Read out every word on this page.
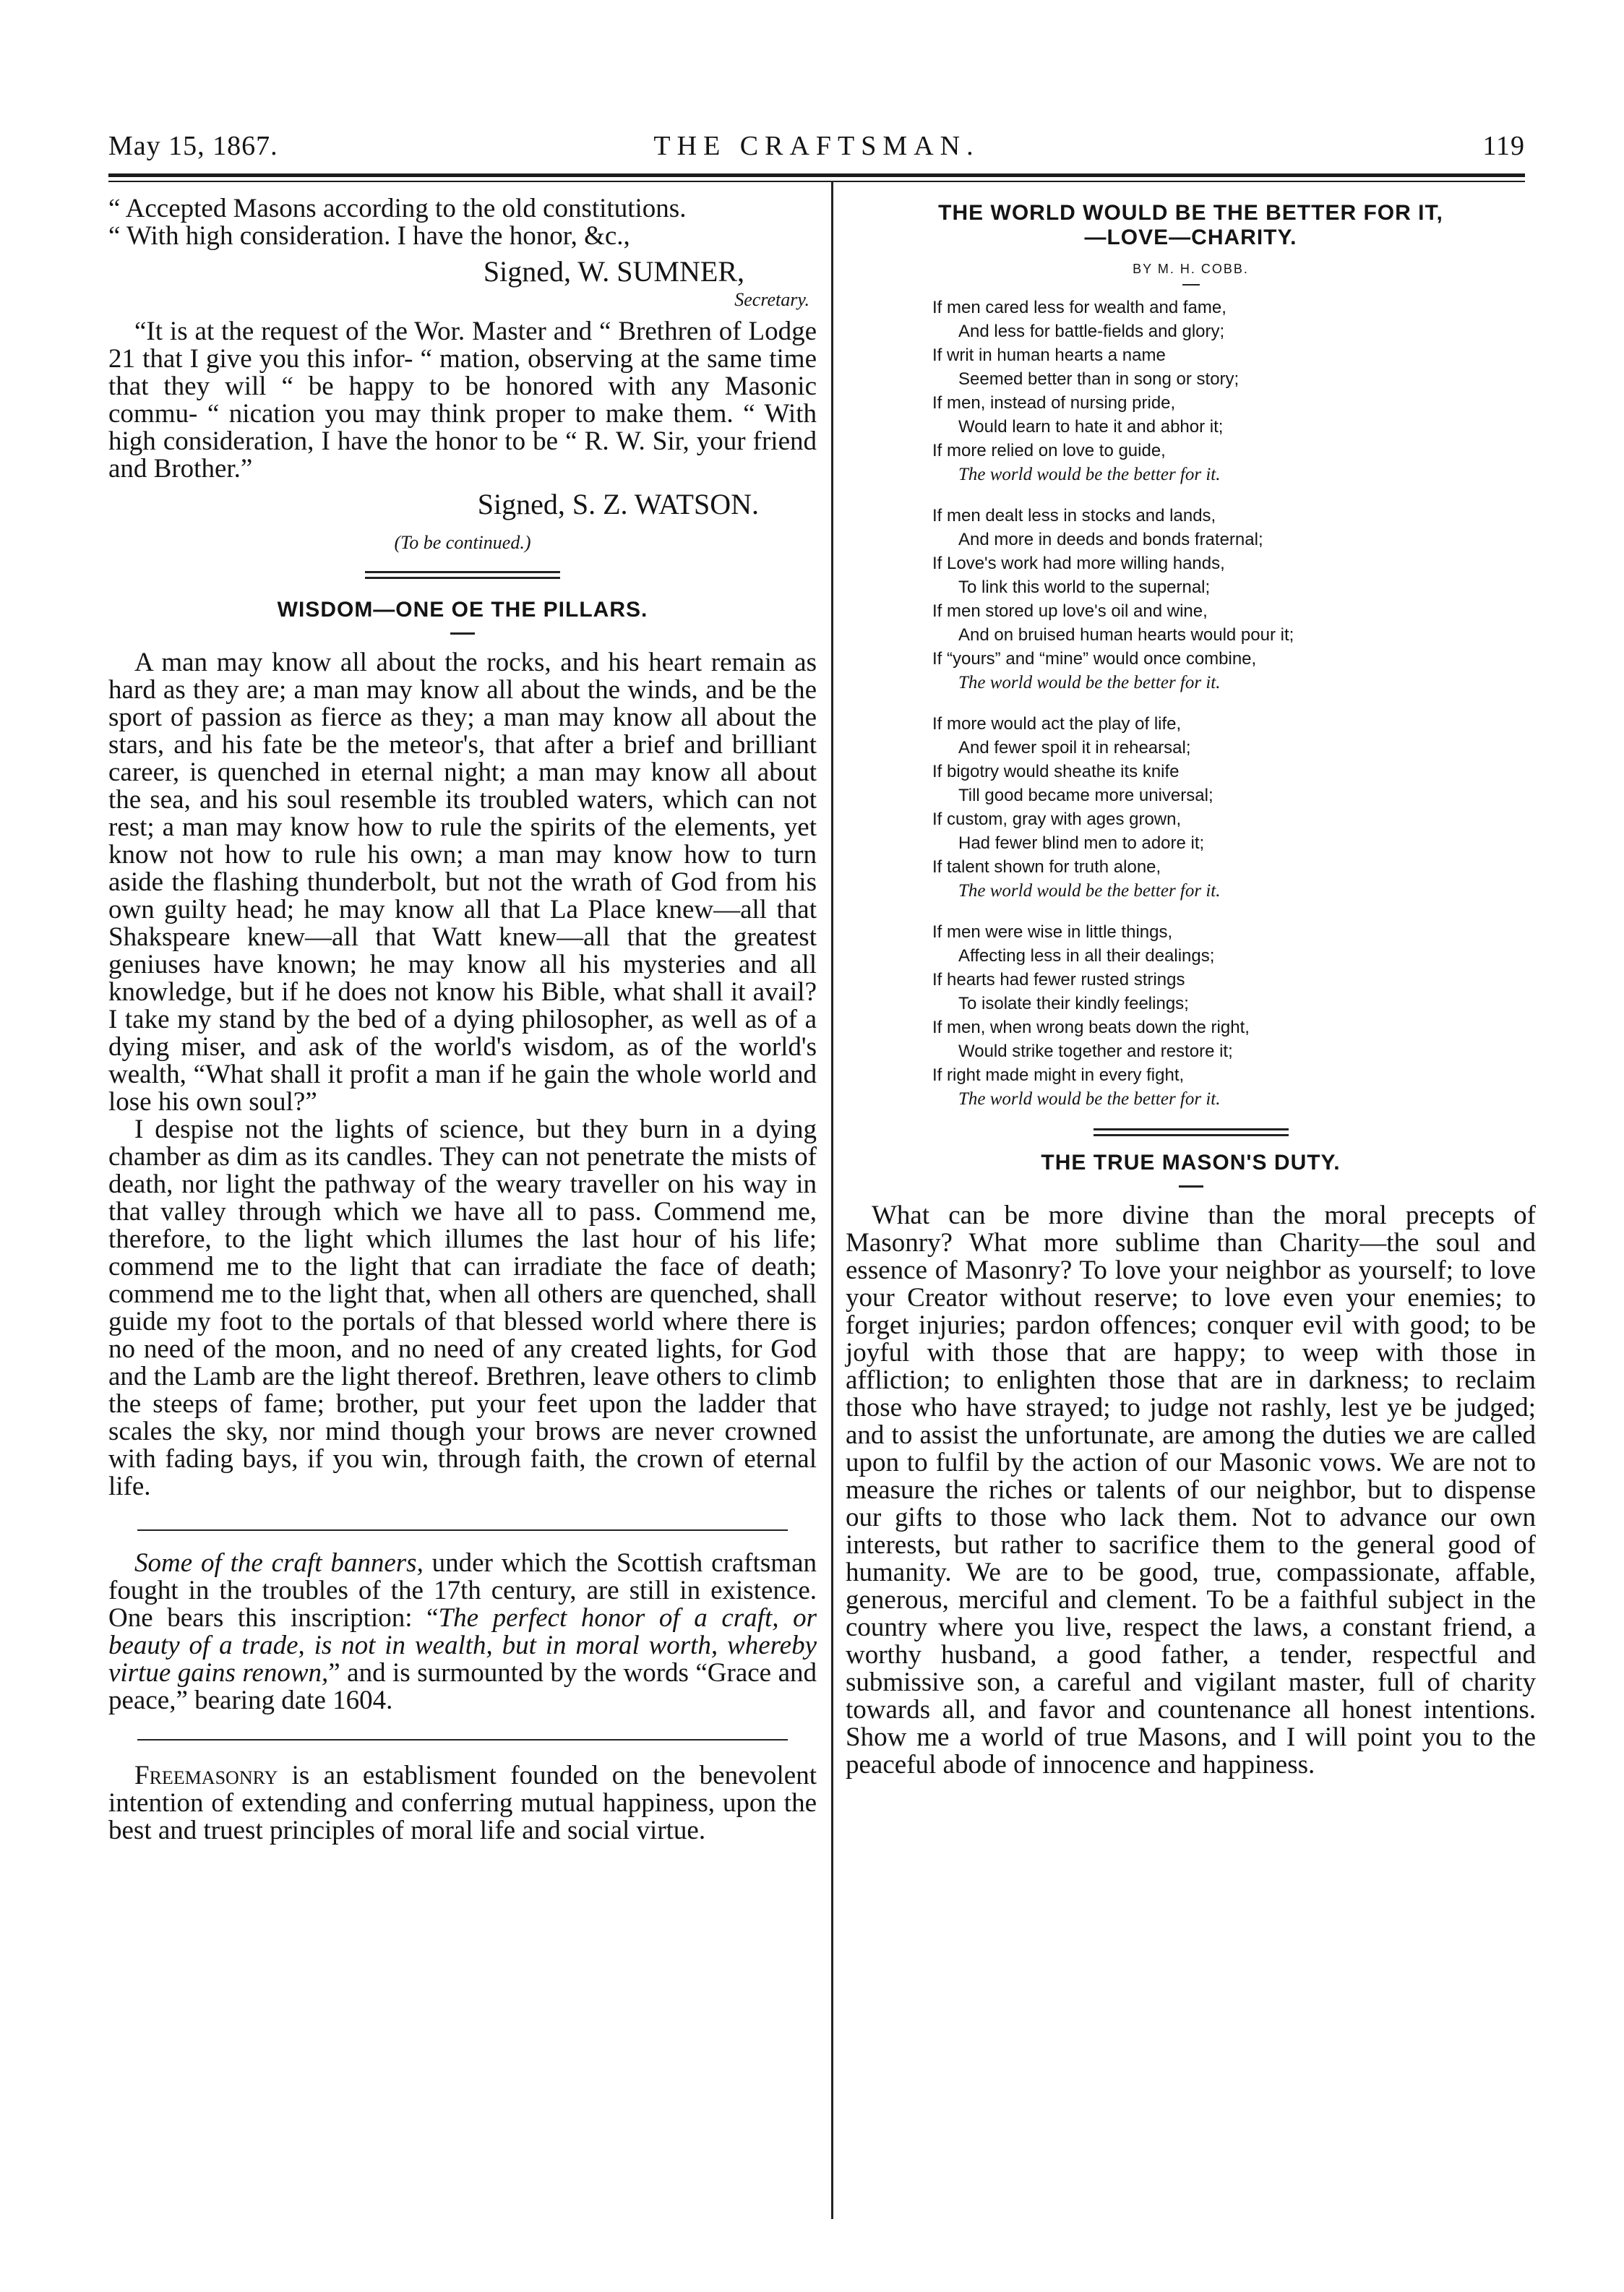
May 15, 1867.	THE CRAFTSMAN.	119

“ Accepted Masons according to the old constitutions.

“ With high consideration. I have the honor, &c.,

Signed, W. SUMNER,

Secretary.

“It is at the request of the Wor. Master and “ Brethren of Lodge 21 that I give you this infor- “ mation, observing at the same time that they will “ be happy to be honored with any Masonic commu- “ nication you may think proper to make them. “ With high consideration, I have the honor to be “ R. W. Sir, your friend and Brother.”

Signed, S. Z. WATSON.

(To be continued.)

WISDOM—ONE OE THE PILLARS.

A man may know all about the rocks, and his heart remain as hard as they are; a man may know all about the winds, and be the sport of passion as fierce as they; a man may know all about the stars, and his fate be the meteor's, that after a brief and brilliant career, is quenched in eternal night; a man may know all about the sea, and his soul resemble its troubled waters, which can not rest; a man may know how to rule the spirits of the elements, yet know not how to rule his own; a man may know how to turn aside the flashing thunderbolt, but not the wrath of God from his own guilty head; he may know all that La Place knew—all that Shakspeare knew—all that Watt knew—all that the greatest geniuses have known; he may know all his mysteries and all knowledge, but if he does not know his Bible, what shall it avail? I take my stand by the bed of a dying philosopher, as well as of a dying miser, and ask of the world's wisdom, as of the world's wealth, “What shall it profit a man if he gain the whole world and lose his own soul?”

I despise not the lights of science, but they burn in a dying chamber as dim as its candles. They can not penetrate the mists of death, nor light the pathway of the weary traveller on his way in that valley through which we have all to pass. Commend me, therefore, to the light which illumes the last hour of his life; commend me to the light that can irradiate the face of death; commend me to the light that, when all others are quenched, shall guide my foot to the portals of that blessed world where there is no need of the moon, and no need of any created lights, for God and the Lamb are the light thereof. Brethren, leave others to climb the steeps of fame; brother, put your feet upon the ladder that scales the sky, nor mind though your brows are never crowned with fading bays, if you win, through faith, the crown of eternal life.

Some of the craft banners, under which the Scottish craftsman fought in the troubles of the 17th century, are still in existence. One bears this inscription: “The perfect honor of a craft, or beauty of a trade, is not in wealth, but in moral worth, whereby virtue gains renown,” and is surmounted by the words “Grace and peace,” bearing date 1604.

Freemasonry is an establisment founded on the benevolent intention of extending and conferring mutual happiness, upon the best and truest principles of moral life and social virtue.

THE WORLD WOULD BE THE BETTER FOR IT,

—LOVE—CHARITY.

BY M. H. COBB.

If men cared less for wealth and fame,
And less for battle-fields and glory;
If writ in human hearts a name
Seemed better than in song or story;
If men, instead of nursing pride,
Would learn to hate it and abhor it;
If more relied on love to guide,
The world would be the better for it.
If men dealt less in stocks and lands,
And more in deeds and bonds fraternal;
If Love's work had more willing hands,
To link this world to the supernal;
If men stored up love's oil and wine,
And on bruised human hearts would pour it;
If “yours” and “mine” would once combine,
The world would be the better for it.
If more would act the play of life,
And fewer spoil it in rehearsal;
If bigotry would sheathe its knife
Till good became more universal;
If custom, gray with ages grown,
Had fewer blind men to adore it;
If talent shown for truth alone,
The world would be the better for it.
If men were wise in little things,
Affecting less in all their dealings;
If hearts had fewer rusted strings
To isolate their kindly feelings;
If men, when wrong beats down the right,
Would strike together and restore it;
If right made might in every fight,
The world would be the better for it.

THE TRUE MASON'S DUTY.

What can be more divine than the moral precepts of Masonry? What more sublime than Charity—the soul and essence of Masonry? To love your neighbor as yourself; to love your Creator without reserve; to love even your enemies; to forget injuries; pardon offences; conquer evil with good; to be joyful with those that are happy; to weep with those in affliction; to enlighten those that are in darkness; to reclaim those who have strayed; to judge not rashly, lest ye be judged; and to assist the unfortunate, are among the duties we are called upon to fulfil by the action of our Masonic vows. We are not to measure the riches or talents of our neighbor, but to dispense our gifts to those who lack them. Not to advance our own interests, but rather to sacrifice them to the general good of humanity. We are to be good, true, compassionate, affable, generous, merciful and clement. To be a faithful subject in the country where you live, respect the laws, a constant friend, a worthy husband, a good father, a tender, respectful and submissive son, a careful and vigilant master, full of charity towards all, and favor and countenance all honest intentions. Show me a world of true Masons, and I will point you to the peaceful abode of innocence and happiness.
